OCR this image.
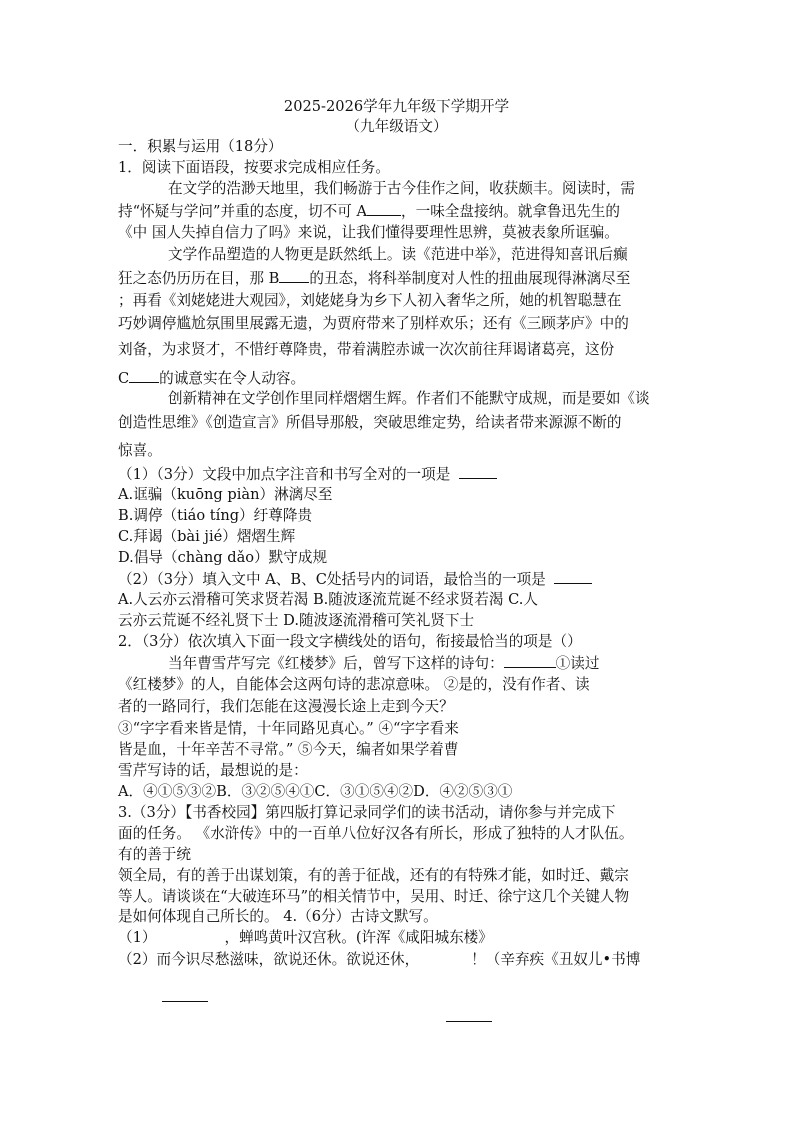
2025-2026学年九年级下学期开学
（九年级语文）
一．积累与运用（18分）
1．阅读下面语段，按要求完成相应任务。
在文学的浩渺天地里，我们畅游于古今佳作之间，收获颇丰。阅读时，需
持“怀疑与学问”并重的态度，切不可 A ，一味全盘接纳。就拿鲁迅先生的
《中 国人失掉自信力了吗》来说，让我们懂得要理性思辨，莫被表象所诓骗。
文学作品塑造的人物更是跃然纸上。读《范进中举》，范进得知喜讯后癫
狂之态仍历历在目，那 B 的丑态，将科举制度对人性的扭曲展现得淋漓尽至
；再看《刘姥姥进大观园》，刘姥姥身为乡下人初入奢华之所，她的机智聪慧在
巧妙调停尴尬氛围里展露无遗，为贾府带来了别样欢乐；还有《三顾茅庐》中的
刘备，为求贤才，不惜纡尊降贵，带着满腔赤诚一次次前往拜谒诸葛亮，这份
C 的诚意实在令人动容。
创新精神在文学创作里同样熠熠生辉。作者们不能默守成规，而是要如《谈
创造性思维》《创造宣言》所倡导那般，突破思维定势，给读者带来源源不断的
惊喜。
（1）（3分）文段中加点字注音和书写全对的一项是
A.诓骗（kuōng piàn）淋漓尽至
B.调停（tiáo tíng）纡尊降贵
C.拜谒（bài jié）熠熠生辉
D.倡导（chàng dǎo）默守成规
（2）（3分）填入文中 A、B、C处括号内的词语，最恰当的一项是
A.人云亦云滑稽可笑求贤若渴 B.随波逐流荒诞不经求贤若渴 C.人
云亦云荒诞不经礼贤下士 D.随波逐流滑稽可笑礼贤下士
2．（3分）依次填入下面一段文字横线处的语句，衔接最恰当的项是（）
当年曹雪芹写完《红楼梦》后，曾写下这样的诗句：	①读过
《红楼梦》的人，自能体会这两句诗的悲凉意味。 ②是的，没有作者、读
者的一路同行，我们怎能在这漫漫长途上走到今天？
③“字字看来皆是情，十年同路见真心。” ④“字字看来
皆是血，十年辛苦不寻常。” ⑤今天，编者如果学着曹
雪芹写诗的话，最想说的是：
A．④①⑤③②B．③②⑤④①C．③①⑤④②D．④②⑤③①
3.（3分）【书香校园】第四版打算记录同学们的读书活动，请你参与并完成下
面的任务。 《水浒传》中的一百单八位好汉各有所长，形成了独特的人才队伍。
有的善于统
领全局，有的善于出谋划策，有的善于征战，还有的有特殊才能，如时迁、戴宗
等人。请谈谈在“大破连环马”的相关情节中，吴用、时迁、徐宁这几个关键人物
是如何体现自己所长的。 4.（6分）古诗文默写。
（1）	，蝉鸣黄叶汉宫秋。(许浑《咸阳城东楼》
（2）而今识尽愁滋味，欲说还休。欲说还休，	！（辛弃疾《丑奴儿•书博
